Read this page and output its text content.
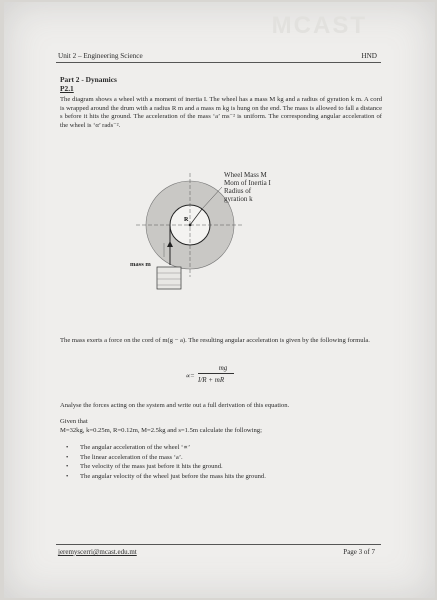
MCAST
Unit 2 – Engineering Science	HND
Part 2 - Dynamics
P2.1
The diagram shows a wheel with a moment of inertia I. The wheel has a mass M kg and a radius of gyration k m. A cord is wrapped around the drum with a radius R m and a mass m kg is hung on the end. The mass is allowed to fall a distance s before it hits the ground. The acceleration of the mass ‘a’ ms⁻² is uniform. The corresponding angular acceleration of the wheel is ‘α’ rads⁻².
R
Wheel Mass M
Mom of Inertia I
Radius of
gyration k
mass m
The mass exerts a force on the cord of m(g − a). The resulting angular acceleration is given by the following formula.
∝=
mg
I/R + mR
Analyse the forces acting on the system and write out a full derivation of this equation.
Given that
M=32kg, k=0.25m, R=0.12m, M=2.5kg and s=1.5m calculate the following;
• The angular acceleration of the wheel ‘∝’
• The linear acceleration of the mass ‘a’.
• The velocity of the mass just before it hits the ground.
• The angular velocity of the wheel just before the mass hits the ground.
jeremyscerri@mcast.edu.mt	Page 3 of 7
